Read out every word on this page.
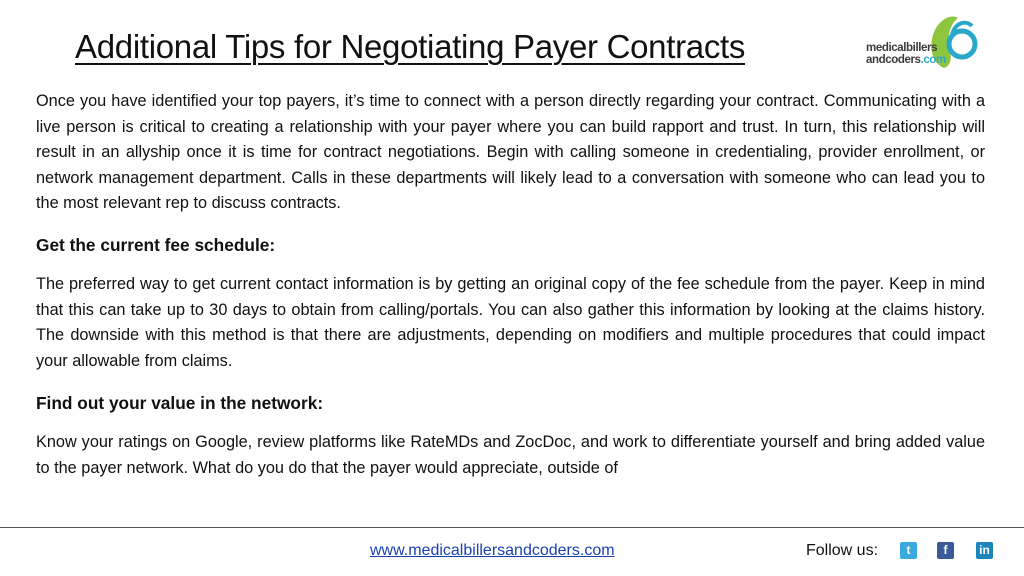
Additional Tips for Negotiating Payer Contracts	medicalbillers
andcoders.com

Once you have identified your top payers, it’s time to connect with a person directly regarding your contract. Communicating with a live person is critical to creating a relationship with your payer where you can build rapport and trust. In turn, this relationship will result in an allyship once it is time for contract negotiations. Begin with calling someone in credentialing, provider enrollment, or network management department. Calls in these departments will likely lead to a conversation with someone who can lead you to the most relevant rep to discuss contracts.

Get the current fee schedule:

The preferred way to get current contact information is by getting an original copy of the fee schedule from the payer. Keep in mind that this can take up to 30 days to obtain from calling/portals. You can also gather this information by looking at the claims history. The downside with this method is that there are adjustments, depending on modifiers and multiple procedures that could impact your allowable from claims.

Find out your value in the network:

Know your ratings on Google, review platforms like RateMDs and ZocDoc, and work to differentiate yourself and bring added value to the payer network. What do you do that the payer would appreciate, outside of

www.medicalbillersandcoders.com	Follow us:	t	f	in
